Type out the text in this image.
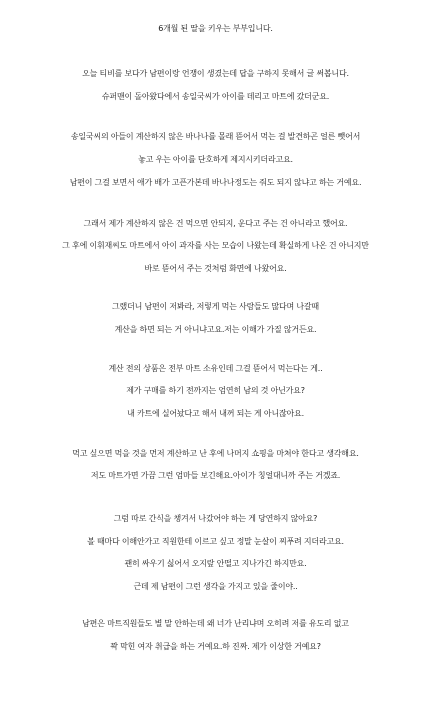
6개월 된 딸을 키우는 부부입니다.
오늘 티비를 보다가 남편이랑 언쟁이 생겼는데 답을 구하지 못해서 글 써봅니다.
슈퍼맨이 돌아왔다에서 송일국씨가 아이를 데리고 마트에 갔더군요.
송일국씨의 아들이 계산하지 않은 바나나를 몰래 뜯어서 먹는 걸 발견하곤 얼른 뺏어서
놓고 우는 아이를 단호하게 제지시키더라고요.
남편이 그걸 보면서 애가 배가 고픈가본데 바나나정도는 줘도 되지 않냐고 하는 거예요.
그래서 제가 계산하지 않은 건 먹으면 안되지, 운다고 주는 건 아니라고 했어요.
그 후에 이휘재씨도 마트에서 아이 과자를 사는 모습이 나왔는데 확실하게 나온 건 아니지만
바로 뜯어서 주는 것처럼 화면에 나왔어요.
그랬더니 남편이 저봐라, 저렇게 먹는 사람들도 많다며 나갈때
계산을 하면 되는 거 아니냐고요.저는 이해가 가질 않거든요.
계산 전의 상품은 전부 마트 소유인데 그걸 뜯어서 먹는다는 게..
제가 구매를 하기 전까지는 엄연히 남의 것 아닌가요?
내 카트에 실어놨다고 해서 내꺼 되는 게 아니잖아요.
먹고 싶으면 먹을 것을 먼저 계산하고 난 후에 나머지 쇼핑을 마쳐야 한다고 생각해요.
저도 마트가면 가끔 그런 엄마들 보긴해요.아이가 칭얼대니까 주는 거겠죠.
그럼 따로 간식을 챙겨서 나갔어야 하는 게 당연하지 않아요?
볼 때마다 이해안가고 직원한테 이르고 싶고 정말 눈살이 찌푸려 지더라고요.
괜히 싸우기 싫어서 오지랖 안떨고 지나가긴 하지만요.
근데 제 남편이 그런 생각을 가지고 있을 줄이야..
남편은 마트직원들도 별 말 안하는데 왜 너가 난리냐며 오히려 저를 유도리 없고
꽉 막힌 여자 취급을 하는 거예요.하 진짜. 제가 이상한 거예요?
